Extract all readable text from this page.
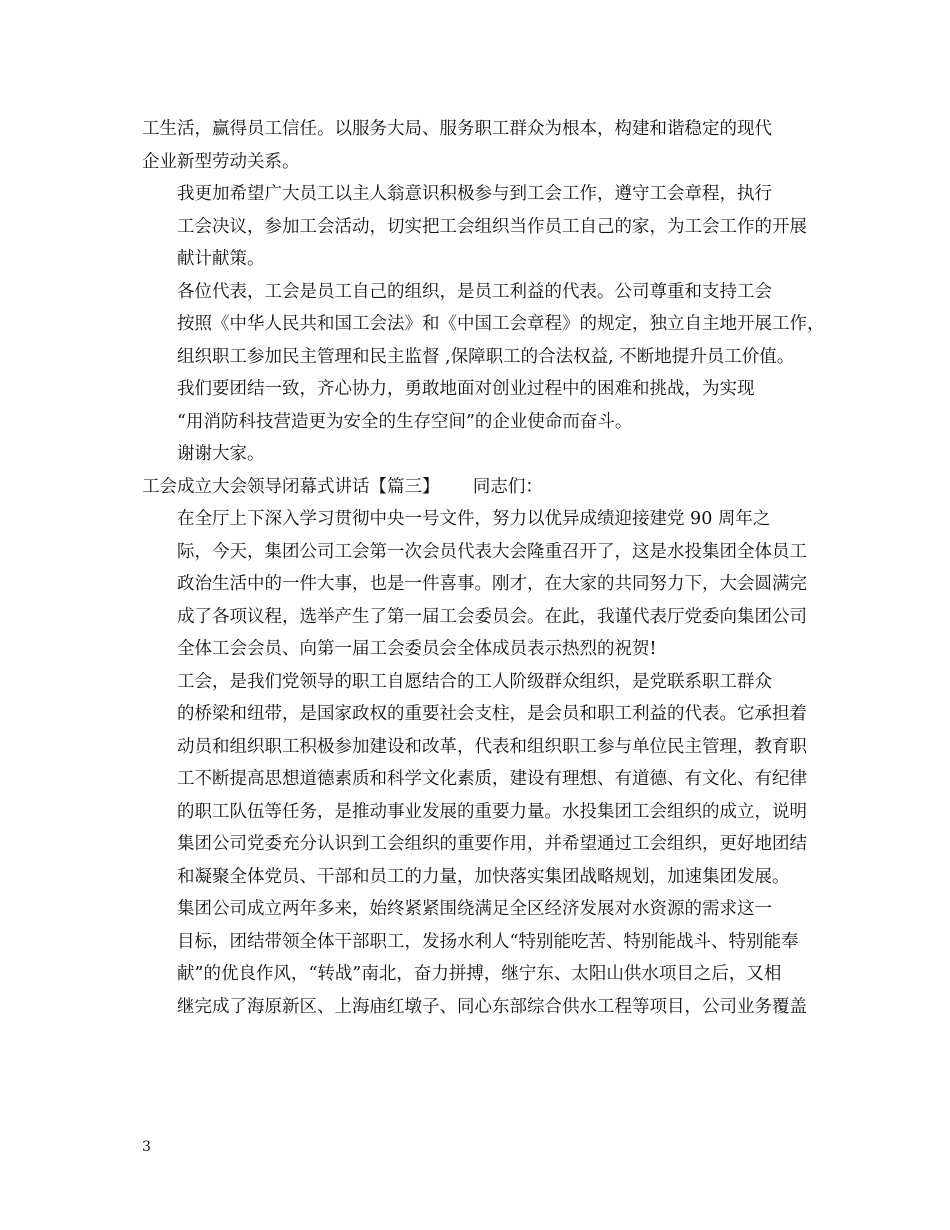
工生活，赢得员工信任。以服务大局、服务职工群众为根本，构建和谐稳定的现代
企业新型劳动关系。

我更加希望广大员工以主人翁意识积极参与到工会工作，遵守工会章程，执行
工会决议，参加工会活动，切实把工会组织当作员工自己的家，为工会工作的开展
献计献策。

各位代表，工会是员工自己的组织，是员工利益的代表。公司尊重和支持工会
按照《中华人民共和国工会法》和《中国工会章程》的规定，独立自主地开展工作，
组织职工参加民主管理和民主监督 ,保障职工的合法权益, 不断地提升员工价值。

我们要团结一致，齐心协力，勇敢地面对创业过程中的困难和挑战，为实现
“用消防科技营造更为安全的生存空间”的企业使命而奋斗。

谢谢大家。

工会成立大会领导闭幕式讲话【篇三】      同志们：

在全厅上下深入学习贯彻中央一号文件，努力以优异成绩迎接建党 90 周年之
际，今天，集团公司工会第一次会员代表大会隆重召开了，这是水投集团全体员工
政治生活中的一件大事，也是一件喜事。刚才，在大家的共同努力下，大会圆满完
成了各项议程，选举产生了第一届工会委员会。在此，我谨代表厅党委向集团公司
全体工会会员、向第一届工会委员会全体成员表示热烈的祝贺!

工会，是我们党领导的职工自愿结合的工人阶级群众组织，是党联系职工群众
的桥梁和纽带，是国家政权的重要社会支柱，是会员和职工利益的代表。它承担着
动员和组织职工积极参加建设和改革，代表和组织职工参与单位民主管理，教育职
工不断提高思想道德素质和科学文化素质，建设有理想、有道德、有文化、有纪律
的职工队伍等任务，是推动事业发展的重要力量。水投集团工会组织的成立，说明
集团公司党委充分认识到工会组织的重要作用，并希望通过工会组织，更好地团结
和凝聚全体党员、干部和员工的力量，加快落实集团战略规划，加速集团发展。

集团公司成立两年多来，始终紧紧围绕满足全区经济发展对水资源的需求这一
目标，团结带领全体干部职工，发扬水利人“特别能吃苦、特别能战斗、特别能奉
献”的优良作风，“转战”南北，奋力拼搏，继宁东、太阳山供水项目之后，又相
继完成了海原新区、上海庙红墩子、同心东部综合供水工程等项目，公司业务覆盖

3
